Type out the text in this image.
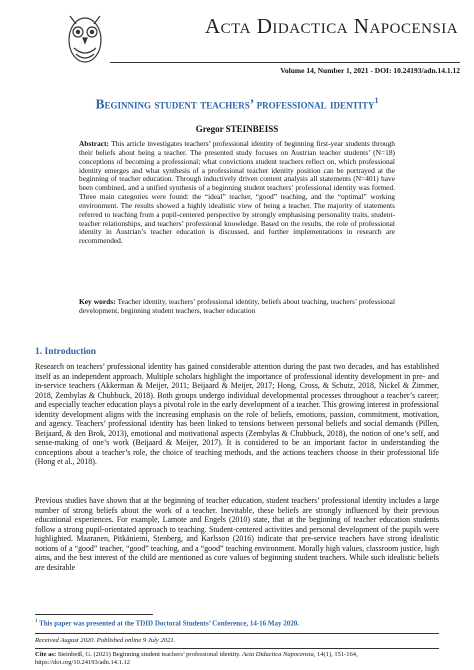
Acta Didactica Napocensia
Volume 14, Number 1, 2021 - DOI: 10.24193/adn.14.1.12
Beginning student teachers’ professional identity$^1$
Gregor STEINBEISS

Abstract: This article investigates teachers’ professional identity of beginning first-year students through their beliefs about being a teacher. The presented study focuses on Austrian teacher students’ (N=18) conceptions of becoming a professional; what convictions student teachers reflect on, which professional identity emerges and what synthesis of a professional teacher identity position can be portrayed at the beginning of teacher education. Through inductively driven content analysis all statements (N=401) have been combined, and a unified synthesis of a beginning student teachers’ professional identity was formed. Three main categories were found: the “ideal” teacher, “good” teaching, and the “optimal” working environment. The results showed a highly idealistic view of being a teacher. The majority of statements referred to teaching from a pupil-centered perspective by strongly emphasising personality traits, student-teacher relationships, and teachers’ professional knowledge. Based on the results, the role of professional identity in Austrian’s teacher education is discussed, and further implementations in research are recommended.

Key words: Teacher identity, teachers’ professional identity, beliefs about teaching, teachers’ professional development, beginning student teachers, teacher education

1. Introduction

Research on teachers’ professional identity has gained considerable attention during the past two decades, and has established itself as an independent approach. Multiple scholars highlight the importance of professional identity development in pre- and in-service teachers (Akkerman & Meijer, 2011; Beijaard & Meijer, 2017; Hong, Cross, & Schutz, 2018, Nickel & Zimmer, 2018, Zembylas & Chubbuck, 2018). Both groups undergo individual developmental processes throughout a teacher’s career; and especially teacher education plays a pivotal role in the early development of a teacher. This growing interest in professional identity development aligns with the increasing emphasis on the role of beliefs, emotions, passion, commitment, motivation, and agency. Teachers’ professional identity has been linked to tensions between personal beliefs and social demands (Pillen, Beijaard, & den Brok, 2013), emotional and motivational aspects (Zembylas & Chubbuck, 2018), the notion of one’s self, and sense-making of one’s work (Beijaard & Meijer, 2017). It is considered to be an important factor in understanding the conceptions about a teacher’s role, the choice of teaching methods, and the actions teachers choose in their professional life (Hong et al., 2018).

Previous studies have shown that at the beginning of teacher education, student teachers’ professional identity includes a large number of strong beliefs about the work of a teacher. Inevitable, these beliefs are strongly influenced by their previous educational experiences. For example, Lamote and Engels (2010) state, that at the beginning of teacher education students follow a strong pupil-orientated approach to teaching. Student-centered activities and personal development of the pupils were highlighted. Maaranen, Pitkäniemi, Stenberg, and Karlsson (2016) indicate that pre-service teachers have strong idealistic notions of a “good” teacher, “good” teaching, and a “good” teaching environment. Morally high values, classroom justice, high aims, and the best interest of the child are mentioned as core values of beginning student teachers. While such idealistic beliefs are desirable

$^1$ This paper was presented at the TDID Doctoral Students’ Conference, 14-16 May 2020.
Received August 2020. Published online 9 July 2021.

Cite as: Steinbeiß, G. (2021) Beginning student teachers’ professional identity. Acta Didactica Napocensia, 14(1), 151-164,
https://doi.org/10.24193/adn.14.1.12
